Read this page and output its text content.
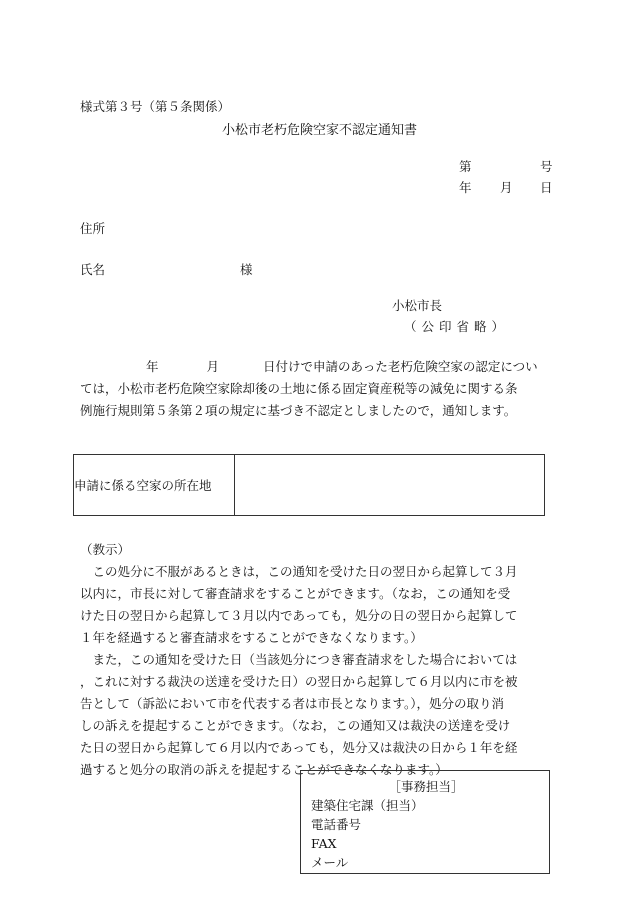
様式第３号（第５条関係）
小松市老朽危険空家不認定通知書
第	号
年 月 日
住所
氏名	様
小松市長
（公印省略）
年	月	日付けで申請のあった老朽危険空家の認定につい
ては，小松市老朽危険空家除却後の土地に係る固定資産税等の減免に関する条
例施行規則第５条第２項の規定に基づき不認定としましたので，通知します。
申請に係る空家の所在地	
（教示）
　この処分に不服があるときは，この通知を受けた日の翌日から起算して３月
以内に，市長に対して審査請求をすることができます。（なお，この通知を受
けた日の翌日から起算して３月以内であっても，処分の日の翌日から起算して
１年を経過すると審査請求をすることができなくなります。）
　また，この通知を受けた日（当該処分につき審査請求をした場合においては
，これに対する裁決の送達を受けた日）の翌日から起算して６月以内に市を被
告として（訴訟において市を代表する者は市長となります。），処分の取り消
しの訴えを提起することができます。（なお，この通知又は裁決の送達を受け
た日の翌日から起算して６月以内であっても，処分又は裁決の日から１年を経
過すると処分の取消の訴えを提起することができなくなります。）
［事務担当］
建築住宅課（担当）
電話番号
FAX
メール
